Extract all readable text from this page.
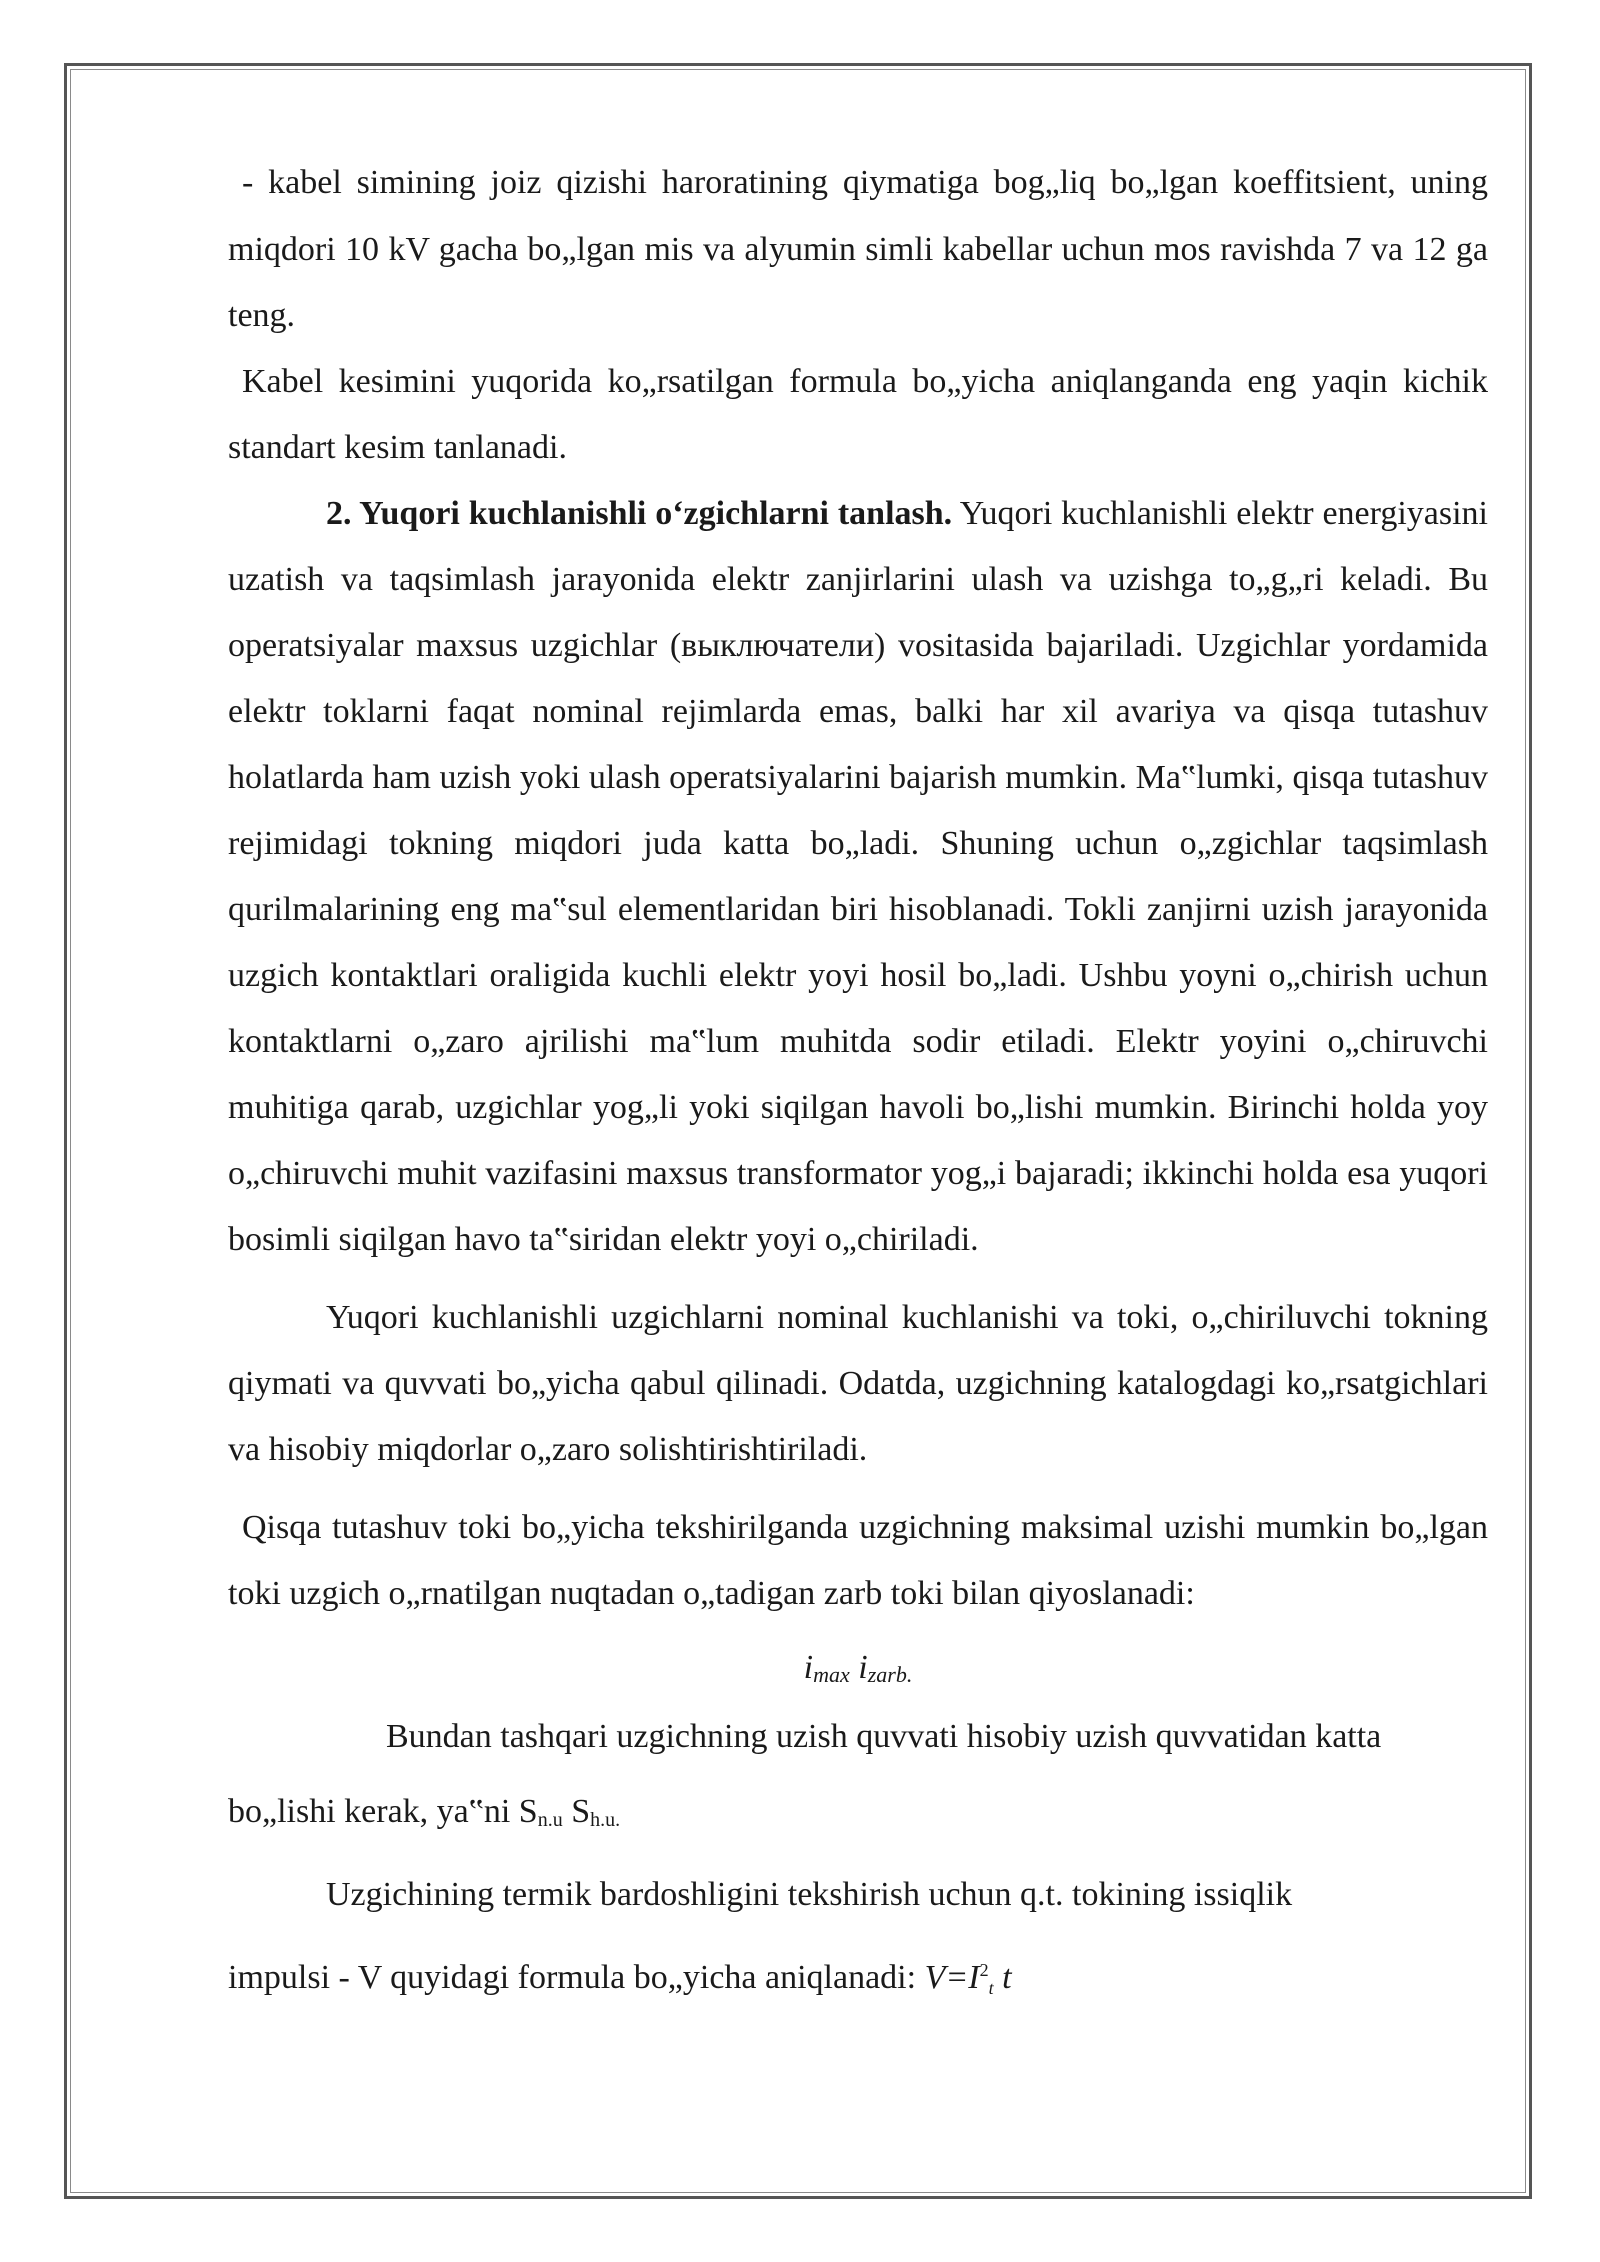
- kabel simining joiz qizishi haroratining qiymatiga bog„liq bo„lgan koeffitsient, uning miqdori 10 kV gacha bo„lgan mis va alyumin simli kabellar uchun mos ravishda 7 va 12 ga teng.

Kabel kesimini yuqorida ko„rsatilgan formula bo„yicha aniqlanganda eng yaqin kichik standart kesim tanlanadi.

2. Yuqori kuchlanishli o‘zgichlarni tanlash. Yuqori kuchlanishli elektr energiyasini uzatish va taqsimlash jarayonida elektr zanjirlarini ulash va uzishga to„g„ri keladi. Bu operatsiyalar maxsus uzgichlar (выключатели) vositasida bajariladi. Uzgichlar yordamida elektr toklarni faqat nominal rejimlarda emas, balki har xil avariya va qisqa tutashuv holatlarda ham uzish yoki ulash operatsiyalarini bajarish mumkin. Ma‟lumki, qisqa tutashuv rejimidagi tokning miqdori juda katta bo„ladi. Shuning uchun o„zgichlar taqsimlash qurilmalarining eng ma‟sul elementlaridan biri hisoblanadi. Tokli zanjirni uzish jarayonida uzgich kontaktlari oraligida kuchli elektr yoyi hosil bo„ladi. Ushbu yoyni o„chirish uchun kontaktlarni o„zaro ajrilishi ma‟lum muhitda sodir etiladi. Elektr yoyini o„chiruvchi muhitiga qarab, uzgichlar yog„li yoki siqilgan havoli bo„lishi mumkin. Birinchi holda yoy o„chiruvchi muhit vazifasini maxsus transformator yog„i bajaradi; ikkinchi holda esa yuqori bosimli siqilgan havo ta‟siridan elektr yoyi o„chiriladi.

Yuqori kuchlanishli uzgichlarni nominal kuchlanishi va toki, o„chiriluvchi tokning qiymati va quvvati bo„yicha qabul qilinadi. Odatda, uzgichning katalogdagi ko„rsatgichlari va hisobiy miqdorlar o„zaro solishtirishtiriladi.

Qisqa tutashuv toki bo„yicha tekshirilganda uzgichning maksimal uzishi mumkin bo„lgan toki uzgich o„rnatilgan nuqtadan o„tadigan zarb toki bilan qiyoslanadi:

$i_{max}$ $i_{zarb.}$

Bundan tashqari uzgichning uzish quvvati hisobiy uzish quvvatidan katta

bo„lishi kerak, ya‟ni Sn.u Sh.u.

Uzgichining termik bardoshligini tekshirish uchun q.t. tokining issiqlik

impulsi - V quyidagi formula bo„yicha aniqlanadi: $V=I^2t$ t
